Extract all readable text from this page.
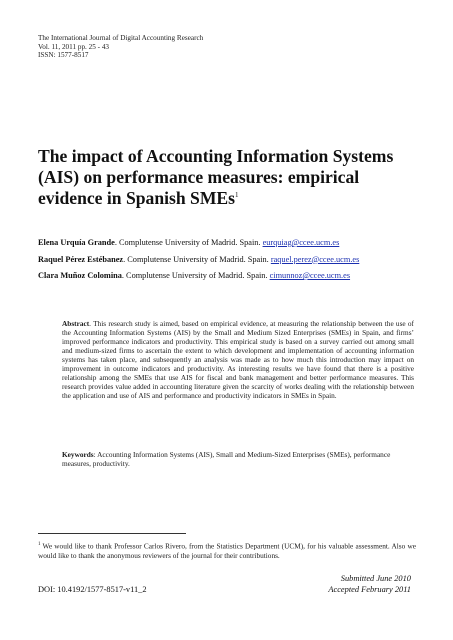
The International Journal of Digital Accounting Research
Vol. 11, 2011 pp. 25 - 43
ISSN: 1577-8517
The impact of Accounting Information Systems
(AIS) on performance measures: empirical
evidence in Spanish SMEs$^1$
Elena Urquía Grande. Complutense University of Madrid. Spain. eurquiag@ccee.ucm.es
Raquel Pérez Estébanez. Complutense University of Madrid. Spain. raquel.perez@ccee.ucm.es
Clara Muñoz Colomina. Complutense University of Madrid. Spain. cimunnoz@ccee.ucm.es
Abstract. This research study is aimed, based on empirical evidence, at measuring the relationship between the use of the Accounting Information Systems (AIS) by the Small and Medium Sized Enterprises (SMEs) in Spain, and firms’ improved performance indicators and productivity. This empirical study is based on a survey carried out among small and medium-sized firms to ascertain the extent to which development and implementation of accounting information systems has taken place, and subsequently an analysis was made as to how much this introduction may impact on improvement in outcome indicators and productivity. As interesting results we have found that there is a positive relationship among the SMEs that use AIS for fiscal and bank management and better performance measures. This research provides value added in accounting literature given the scarcity of works dealing with the relationship between the application and use of AIS and performance and productivity indicators in SMEs in Spain.
Keywords: Accounting Information Systems (AIS), Small and Medium-Sized Enterprises (SMEs), performance measures, productivity.
$^1$ We would like to thank Professor Carlos Rivero, from the Statistics Department (UCM), for his valuable assessment. Also we would like to thank the anonymous reviewers of the journal for their contributions.
DOI: 10.4192/1577-8517-v11_2
Submitted June 2010
Accepted February 2011
